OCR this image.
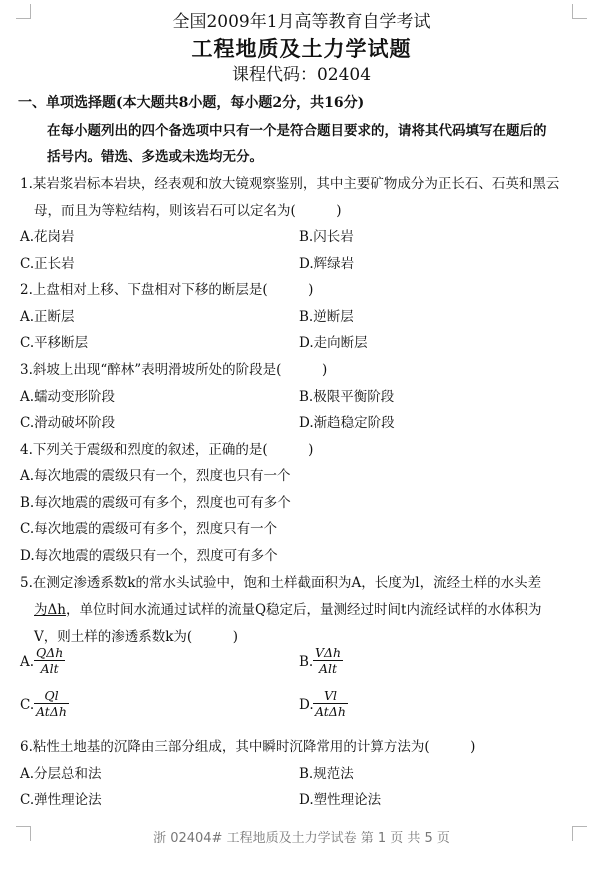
全国2009年1月高等教育自学考试
工程地质及土力学试题
课程代码：02404
一、单项选择题(本大题共8小题，每小题2分，共16分)
在每小题列出的四个备选项中只有一个是符合题目要求的，请将其代码填写在题后的
括号内。错选、多选或未选均无分。
1.某岩浆岩标本岩块，经表观和放大镜观察鉴别，其中主要矿物成分为正长石、石英和黑云
母，而且为等粒结构，则该岩石可以定名为(　　　)
A.花岗岩	B.闪长岩
C.正长岩	D.辉绿岩
2.上盘相对上移、下盘相对下移的断层是(　　　)
A.正断层	B.逆断层
C.平移断层	D.走向断层
3.斜坡上出现“醉林”表明滑坡所处的阶段是(　　　)
A.蠕动变形阶段	B.极限平衡阶段
C.滑动破坏阶段	D.渐趋稳定阶段
4.下列关于震级和烈度的叙述，正确的是(　　　)
A.每次地震的震级只有一个，烈度也只有一个
B.每次地震的震级可有多个，烈度也可有多个
C.每次地震的震级可有多个，烈度只有一个
D.每次地震的震级只有一个，烈度可有多个
5.在测定渗透系数k的常水头试验中，饱和土样截面积为A，长度为l，流经土样的水头差
为Δh，单位时间水流通过试样的流量Q稳定后，量测经过时间t内流经试样的水体积为
V，则土样的渗透系数k为(　　　)
A.
QΔh
Alt	B.
VΔh
Alt
C.
Ql
AtΔh	D.
Vl
AtΔh
6.粘性土地基的沉降由三部分组成，其中瞬时沉降常用的计算方法为(　　　)
A.分层总和法	B.规范法
C.弹性理论法	D.塑性理论法
浙 02404# 工程地质及土力学试卷 第 1 页 共 5 页
